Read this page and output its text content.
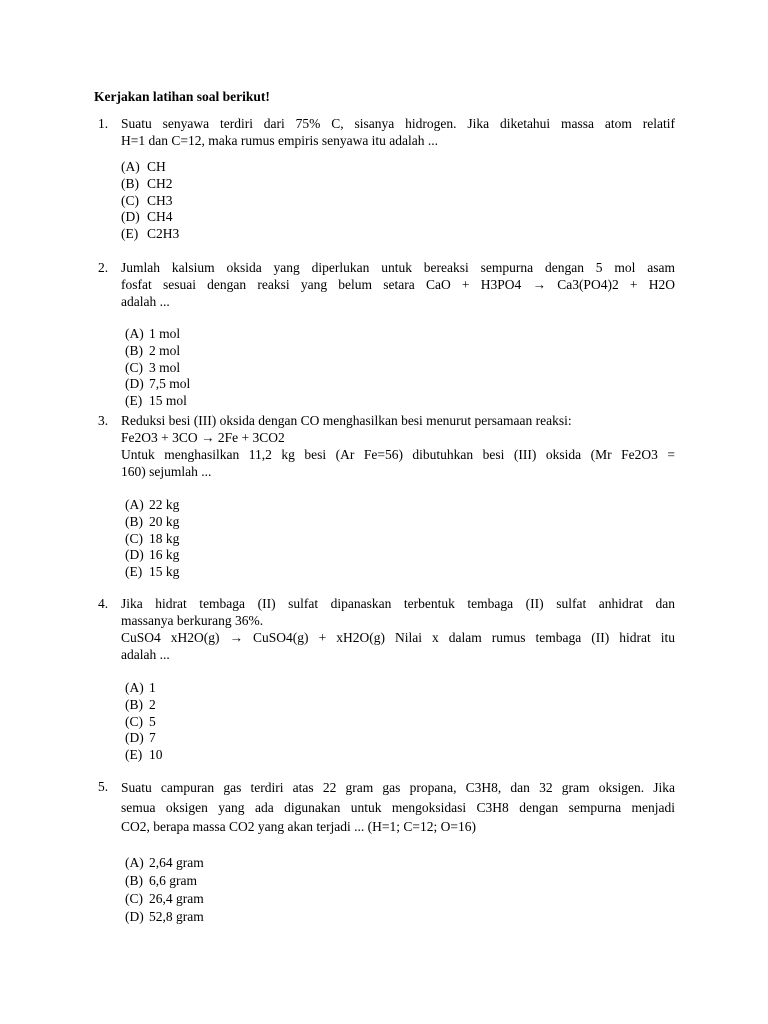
Kerjakan latihan soal berikut!
1. Suatu senyawa terdiri dari 75% C, sisanya hidrogen. Jika diketahui massa atom relatif
H=1 dan C=12, maka rumus empiris senyawa itu adalah ...
(A) CH
(B) CH2
(C) CH3
(D) CH4
(E) C2H3
2. Jumlah kalsium oksida yang diperlukan untuk bereaksi sempurna dengan 5 mol asam
fosfat sesuai dengan reaksi yang belum setara CaO + H3PO4 → Ca3(PO4)2 + H2O
adalah ...
(A) 1 mol
(B) 2 mol
(C) 3 mol
(D) 7,5 mol
(E) 15 mol
3. Reduksi besi (III) oksida dengan CO menghasilkan besi menurut persamaan reaksi:
Fe2O3 + 3CO → 2Fe + 3CO2
Untuk menghasilkan 11,2 kg besi (Ar Fe=56) dibutuhkan besi (III) oksida (Mr Fe2O3 =
160) sejumlah ...
(A) 22 kg
(B) 20 kg
(C) 18 kg
(D) 16 kg
(E) 15 kg
4. Jika hidrat tembaga (II) sulfat dipanaskan terbentuk tembaga (II) sulfat anhidrat dan
massanya berkurang 36%.
CuSO4 xH2O(g) → CuSO4(g) + xH2O(g) Nilai x dalam rumus tembaga (II) hidrat itu
adalah ...
(A) 1
(B) 2
(C) 5
(D) 7
(E) 10
5. Suatu campuran gas terdiri atas 22 gram gas propana, C3H8, dan 32 gram oksigen. Jika
semua oksigen yang ada digunakan untuk mengoksidasi C3H8 dengan sempurna menjadi
CO2, berapa massa CO2 yang akan terjadi ... (H=1; C=12; O=16)
(A) 2,64 gram
(B) 6,6 gram
(C) 26,4 gram
(D) 52,8 gram
